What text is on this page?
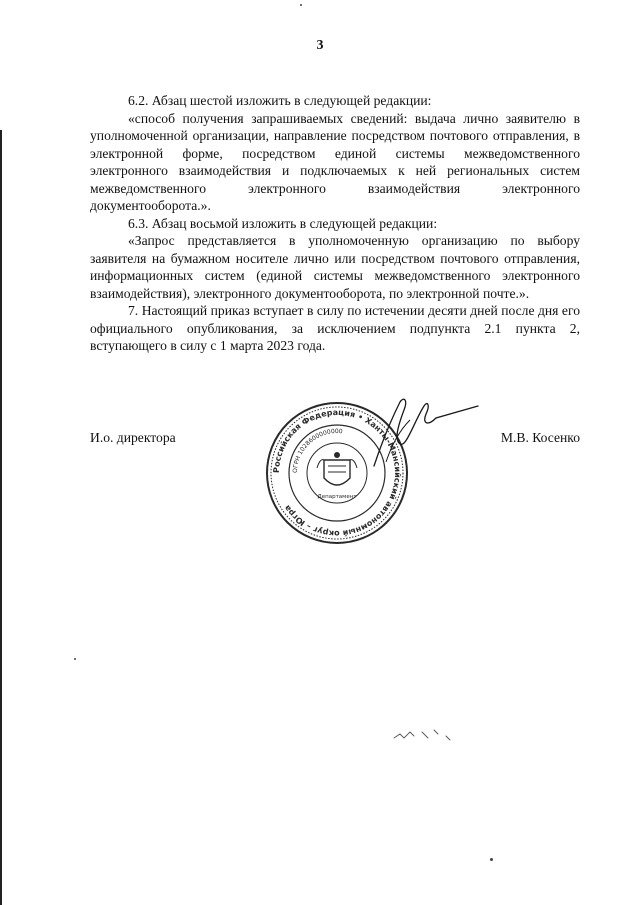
3

6.2. Абзац шестой изложить в следующей редакции:

«способ получения запрашиваемых сведений: выдача лично заявителю в уполномоченной организации, направление посредством почтового отправления, в электронной форме, посредством единой системы межведомственного электронного взаимодействия и подключаемых к ней региональных систем межведомственного электронного взаимодействия электронного документооборота.».

6.3. Абзац восьмой изложить в следующей редакции:

«Запрос представляется в уполномоченную организацию по выбору заявителя на бумажном носителе лично или посредством почтового отправления, информационных систем (единой системы межведомственного электронного взаимодействия), электронного документооборота, по электронной почте.».

7. Настоящий приказ вступает в силу по истечении десяти дней после дня его официального опубликования, за исключением подпункта 2.1 пункта 2, вступающего в силу с 1 марта 2023 года.

И.о. директора	М.В. Косенко
Российская Федерация • Ханты-Мансийский автономный округ – Югра
ОГРН 1028600000000
Департамент
